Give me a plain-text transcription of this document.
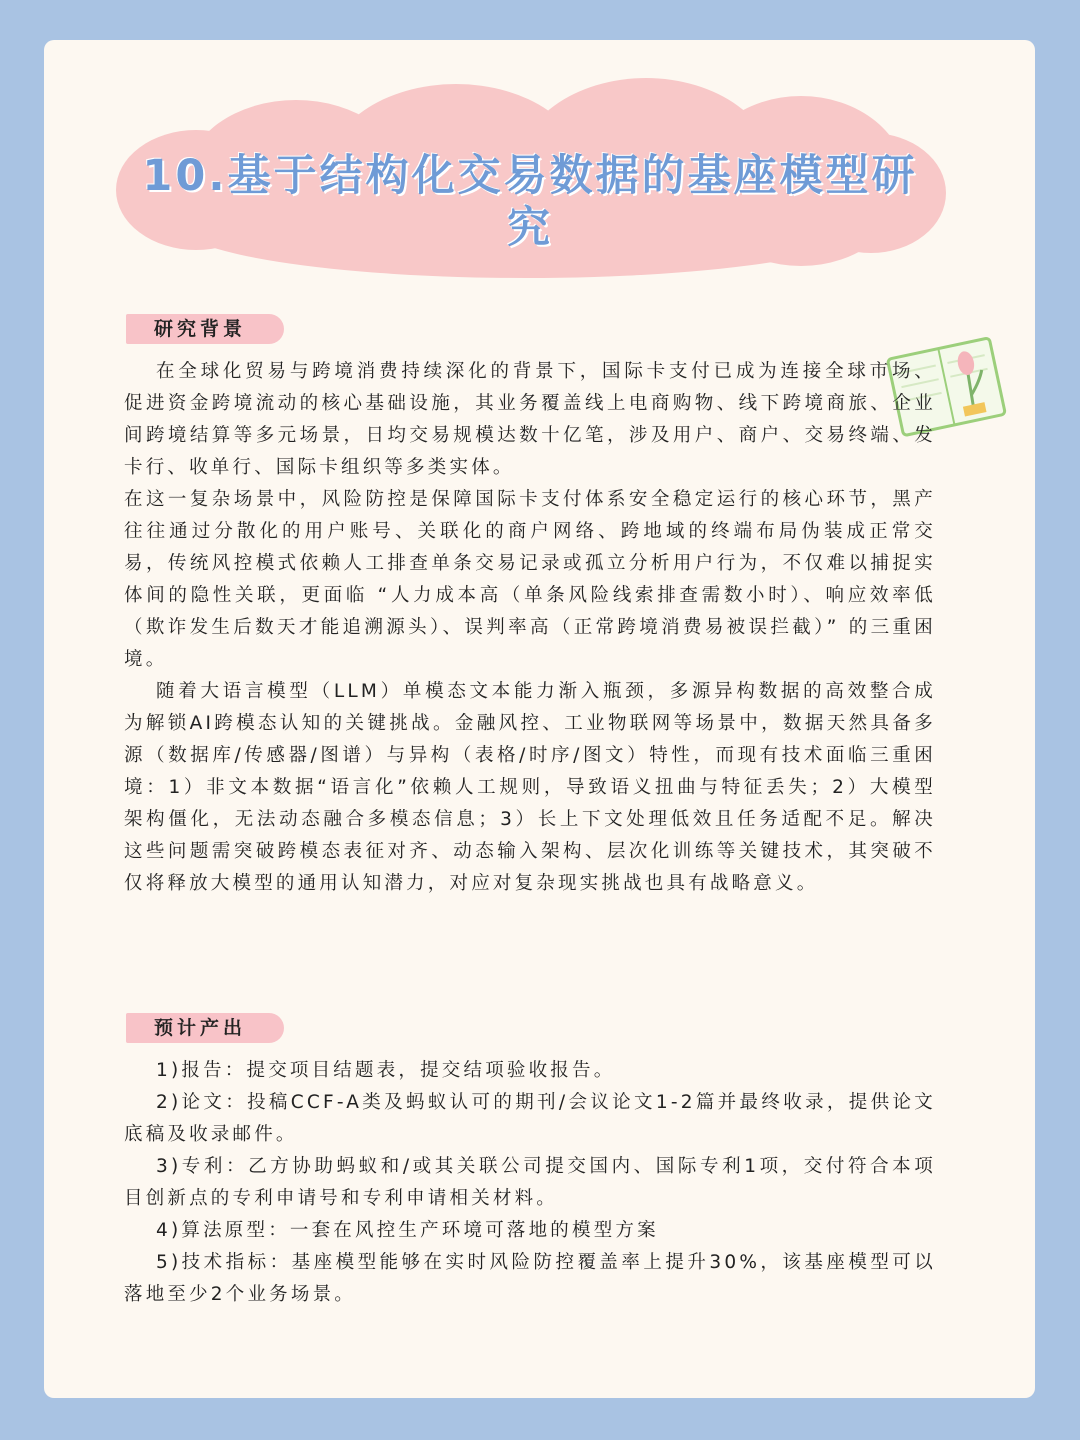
10.基于结构化交易数据的基座模型研究
研究背景

在全球化贸易与跨境消费持续深化的背景下，国际卡支付已成为连接全球市场、促进资金跨境流动的核心基础设施，其业务覆盖线上电商购物、线下跨境商旅、企业间跨境结算等多元场景，日均交易规模达数十亿笔，涉及用户、商户、交易终端、发卡行、收单行、国际卡组织等多类实体。

在这一复杂场景中，风险防控是保障国际卡支付体系安全稳定运行的核心环节，黑产往往通过分散化的用户账号、关联化的商户网络、跨地域的终端布局伪装成正常交易，传统风控模式依赖人工排查单条交易记录或孤立分析用户行为，不仅难以捕捉实体间的隐性关联，更面临 “人力成本高（单条风险线索排查需数小时）、响应效率低（欺诈发生后数天才能追溯源头）、误判率高（正常跨境消费易被误拦截）” 的三重困境。

随着大语言模型（LLM）单模态文本能力渐入瓶颈，多源异构数据的高效整合成为解锁AI跨模态认知的关键挑战。金融风控、工业物联网等场景中，数据天然具备多源（数据库/传感器/图谱）与异构（表格/时序/图文）特性，而现有技术面临三重困境：1）非文本数据“语言化”依赖人工规则，导致语义扭曲与特征丢失；2）大模型架构僵化，无法动态融合多模态信息；3）长上下文处理低效且任务适配不足。解决这些问题需突破跨模态表征对齐、动态输入架构、层次化训练等关键技术，其突破不仅将释放大模型的通用认知潜力，对应对复杂现实挑战也具有战略意义。

预计产出

1)报告：提交项目结题表，提交结项验收报告。

2)论文：投稿CCF-A类及蚂蚁认可的期刊/会议论文1-2篇并最终收录，提供论文底稿及收录邮件。

3)专利：乙方协助蚂蚁和/或其关联公司提交国内、国际专利1项，交付符合本项目创新点的专利申请号和专利申请相关材料。

4)算法原型：一套在风控生产环境可落地的模型方案

5)技术指标：基座模型能够在实时风险防控覆盖率上提升30%，该基座模型可以落地至少2个业务场景。
